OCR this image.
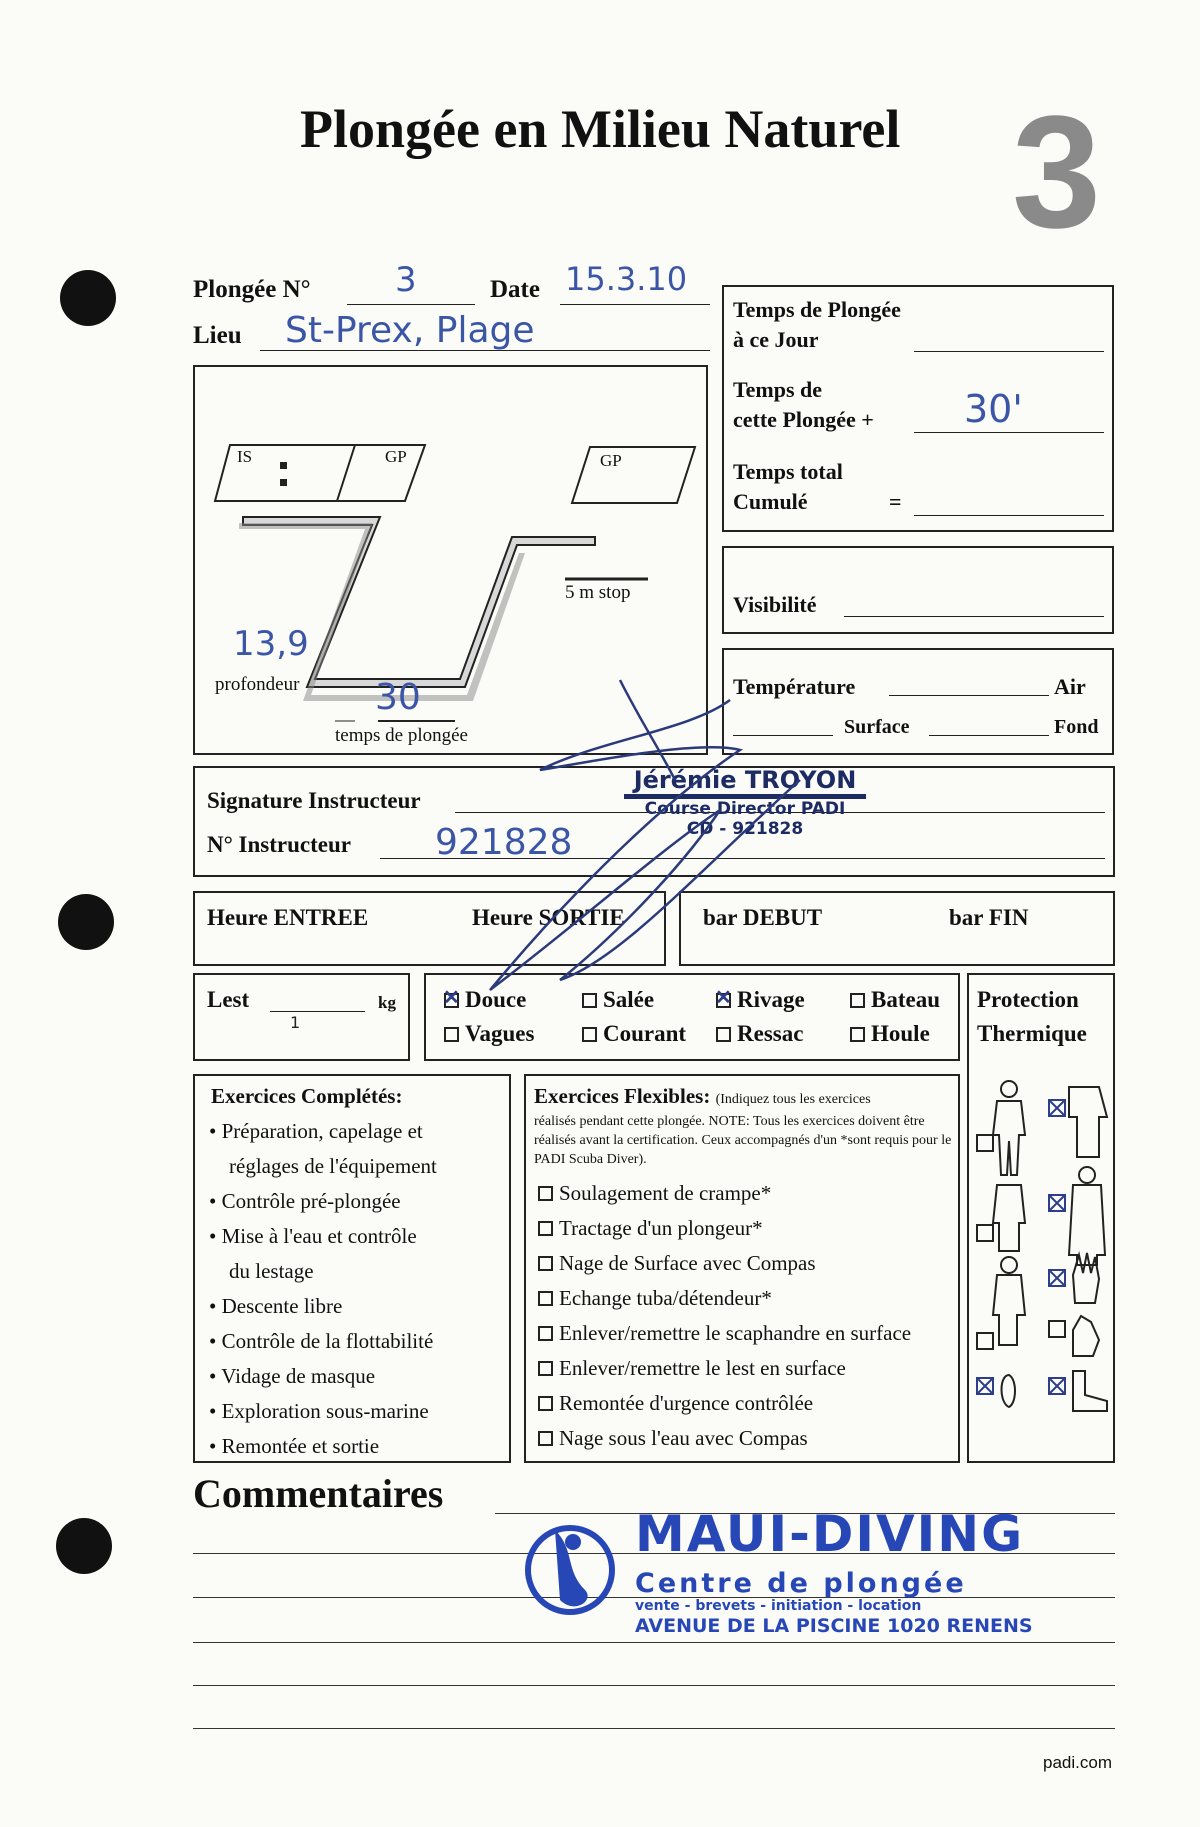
Plongée en Milieu Naturel 3
Plongée N° 3	Date 15.3.10
Lieu St-Prex, Plage
IS	GP	GP
5 m stop
13,9
profondeur 30
temps de plongée
Temps de Plongée
à ce Jour
Temps de
cette Plongée + 30'
Temps total
Cumulé	=
Visibilité
Température	Air
Surface	Fond
Signature Instructeur
N° Instructeur 921828
Jérémie TROYON
Course Director PADI
CD - 921828
Heure ENTREE	Heure SORTIE	bar DEBUT	bar FIN
Lest
1
kg ✕	Douce	Salée ✕	Rivage	Bateau
Vagues	Courant	Ressac	Houle
Protection
Thermique
Exercices Complétés:
• Préparation, capelage et
réglages de l'équipement
• Contrôle pré-plongée
• Mise à l'eau et contrôle
du lestage
• Descente libre
• Contrôle de la flottabilité
• Vidage de masque
• Exploration sous-marine
• Remontée et sortie
Exercices Flexibles: (Indiquez tous les exercices
réalisés pendant cette plongée. NOTE: Tous les exercices doivent être réalisés avant la certification. Ceux accompagnés d'un *sont requis pour le PADI Scuba Diver).
Soulagement de crampe*
Tractage d'un plongeur*
Nage de Surface avec Compas
Echange tuba/détendeur*
Enlever/remettre le scaphandre en surface
Enlever/remettre le lest en surface
Remontée d'urgence contrôlée
Nage sous l'eau avec Compas
Commentaires
MAUI-DIVING
Centre de plongée
vente - brevets - initiation - location
AVENUE DE LA PISCINE 1020 RENENS
padi.com
